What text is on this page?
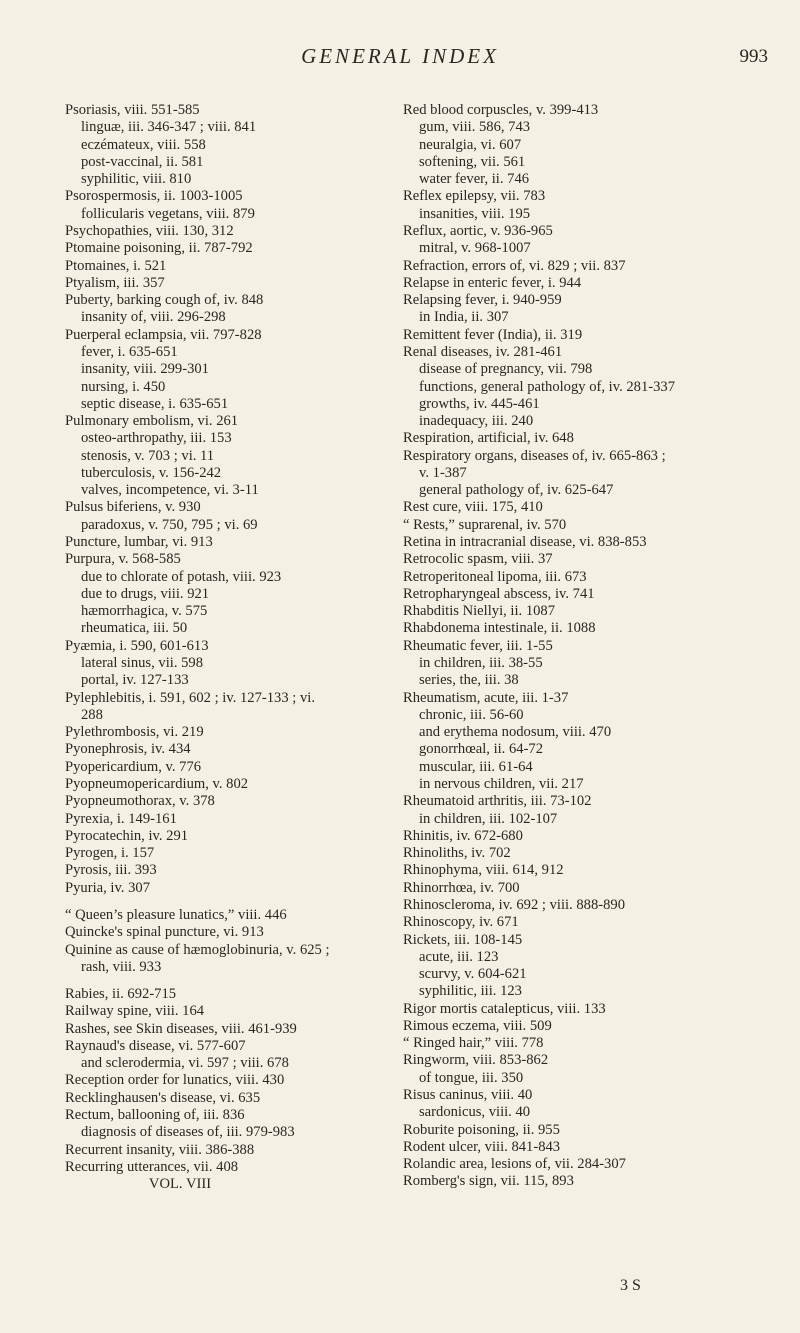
GENERAL INDEX	993
Psoriasis, viii. 551-585
linguæ, iii. 346-347 ; viii. 841
eczémateux, viii. 558
post-vaccinal, ii. 581
syphilitic, viii. 810
Psorospermosis, ii. 1003-1005
follicularis vegetans, viii. 879
Psychopathies, viii. 130, 312
Ptomaine poisoning, ii. 787-792
Ptomaines, i. 521
Ptyalism, iii. 357
Puberty, barking cough of, iv. 848
insanity of, viii. 296-298
Puerperal eclampsia, vii. 797-828
fever, i. 635-651
insanity, viii. 299-301
nursing, i. 450
septic disease, i. 635-651
Pulmonary embolism, vi. 261
osteo-arthropathy, iii. 153
stenosis, v. 703 ; vi. 11
tuberculosis, v. 156-242
valves, incompetence, vi. 3-11
Pulsus biferiens, v. 930
paradoxus, v. 750, 795 ; vi. 69
Puncture, lumbar, vi. 913
Purpura, v. 568-585
due to chlorate of potash, viii. 923
due to drugs, viii. 921
hæmorrhagica, v. 575
rheumatica, iii. 50
Pyæmia, i. 590, 601-613
lateral sinus, vii. 598
portal, iv. 127-133
Pylephlebitis, i. 591, 602 ; iv. 127-133 ; vi.
288
Pylethrombosis, vi. 219
Pyonephrosis, iv. 434
Pyopericardium, v. 776
Pyopneumopericardium, v. 802
Pyopneumothorax, v. 378
Pyrexia, i. 149-161
Pyrocatechin, iv. 291
Pyrogen, i. 157
Pyrosis, iii. 393
Pyuria, iv. 307
“ Queen’s pleasure lunatics,” viii. 446
Quincke's spinal puncture, vi. 913
Quinine as cause of hæmoglobinuria, v. 625 ;
rash, viii. 933
Rabies, ii. 692-715
Railway spine, viii. 164
Rashes, see Skin diseases, viii. 461-939
Raynaud's disease, vi. 577-607
and sclerodermia, vi. 597 ; viii. 678
Reception order for lunatics, viii. 430
Recklinghausen's disease, vi. 635
Rectum, ballooning of, iii. 836
diagnosis of diseases of, iii. 979-983
Recurrent insanity, viii. 386-388
Recurring utterances, vii. 408
VOL. VIII
Red blood corpuscles, v. 399-413
gum, viii. 586, 743
neuralgia, vi. 607
softening, vii. 561
water fever, ii. 746
Reflex epilepsy, vii. 783
insanities, viii. 195
Reflux, aortic, v. 936-965
mitral, v. 968-1007
Refraction, errors of, vi. 829 ; vii. 837
Relapse in enteric fever, i. 944
Relapsing fever, i. 940-959
in India, ii. 307
Remittent fever (India), ii. 319
Renal diseases, iv. 281-461
disease of pregnancy, vii. 798
functions, general pathology of, iv. 281-337
growths, iv. 445-461
inadequacy, iii. 240
Respiration, artificial, iv. 648
Respiratory organs, diseases of, iv. 665-863 ;
v. 1-387
general pathology of, iv. 625-647
Rest cure, viii. 175, 410
“ Rests,” suprarenal, iv. 570
Retina in intracranial disease, vi. 838-853
Retrocolic spasm, viii. 37
Retroperitoneal lipoma, iii. 673
Retropharyngeal abscess, iv. 741
Rhabditis Niellyi, ii. 1087
Rhabdonema intestinale, ii. 1088
Rheumatic fever, iii. 1-55
in children, iii. 38-55
series, the, iii. 38
Rheumatism, acute, iii. 1-37
chronic, iii. 56-60
and erythema nodosum, viii. 470
gonorrhœal, ii. 64-72
muscular, iii. 61-64
in nervous children, vii. 217
Rheumatoid arthritis, iii. 73-102
in children, iii. 102-107
Rhinitis, iv. 672-680
Rhinoliths, iv. 702
Rhinophyma, viii. 614, 912
Rhinorrhœa, iv. 700
Rhinoscleroma, iv. 692 ; viii. 888-890
Rhinoscopy, iv. 671
Rickets, iii. 108-145
acute, iii. 123
scurvy, v. 604-621
syphilitic, iii. 123
Rigor mortis catalepticus, viii. 133
Rimous eczema, viii. 509
“ Ringed hair,” viii. 778
Ringworm, viii. 853-862
of tongue, iii. 350
Risus caninus, viii. 40
sardonicus, viii. 40
Roburite poisoning, ii. 955
Rodent ulcer, viii. 841-843
Rolandic area, lesions of, vii. 284-307
Romberg's sign, vii. 115, 893
3 S
